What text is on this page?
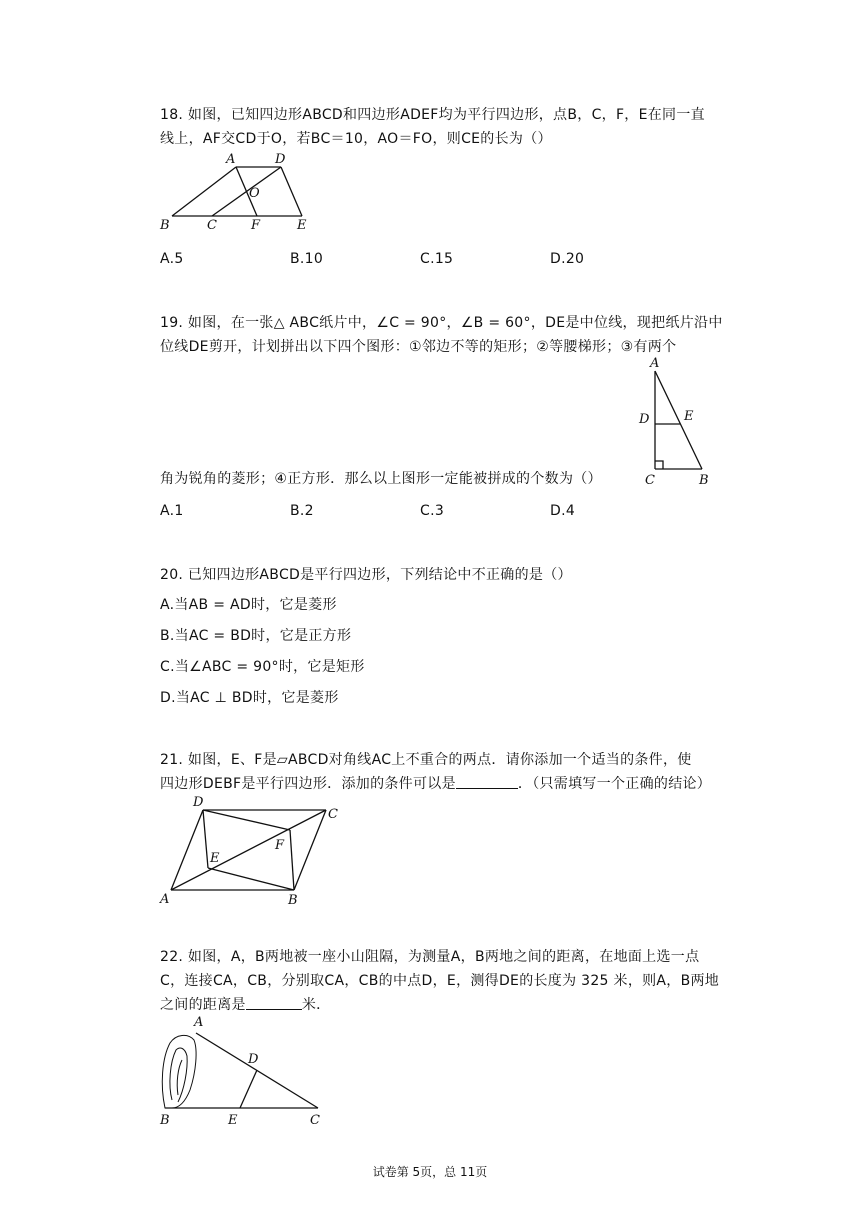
18. 如图，已知四边形ABCD和四边形ADEF均为平行四边形，点B，C，F，E在同一直
线上，AF交CD于O，若BC＝10，AO＝FO，则CE的长为（）
A	D
O
B	C	F	E
A.5	B.10	C.15	D.20
19. 如图，在一张△ ABC纸片中，∠C = 90°，∠B = 60°，DE是中位线，现把纸片沿中
位线DE剪开，计划拼出以下四个图形：①邻边不等的矩形；②等腰梯形；③有两个
A
D	E
C	B
角为锐角的菱形；④正方形．那么以上图形一定能被拼成的个数为（）
A.1	B.2	C.3	D.4
20. 已知四边形ABCD是平行四边形，下列结论中不正确的是（）
A.当AB = AD时，它是菱形
B.当AC = BD时，它是正方形
C.当∠ABC = 90°时，它是矩形
D.当AC ⊥ BD时，它是菱形
21. 如图，E、F是▱ABCD对角线AC上不重合的两点．请你添加一个适当的条件，使
四边形DEBF是平行四边形．添加的条件可以是	．（只需填写一个正确的结论）
D
C
E
F
A	B
22. 如图，A，B两地被一座小山阻隔，为测量A，B两地之间的距离，在地面上选一点
C，连接CA，CB，分别取CA，CB的中点D，E，测得DE的长度为 325 米，则A，B两地
之间的距离是	米．
A
D
B	E	C
试卷第 5页，总 11页
